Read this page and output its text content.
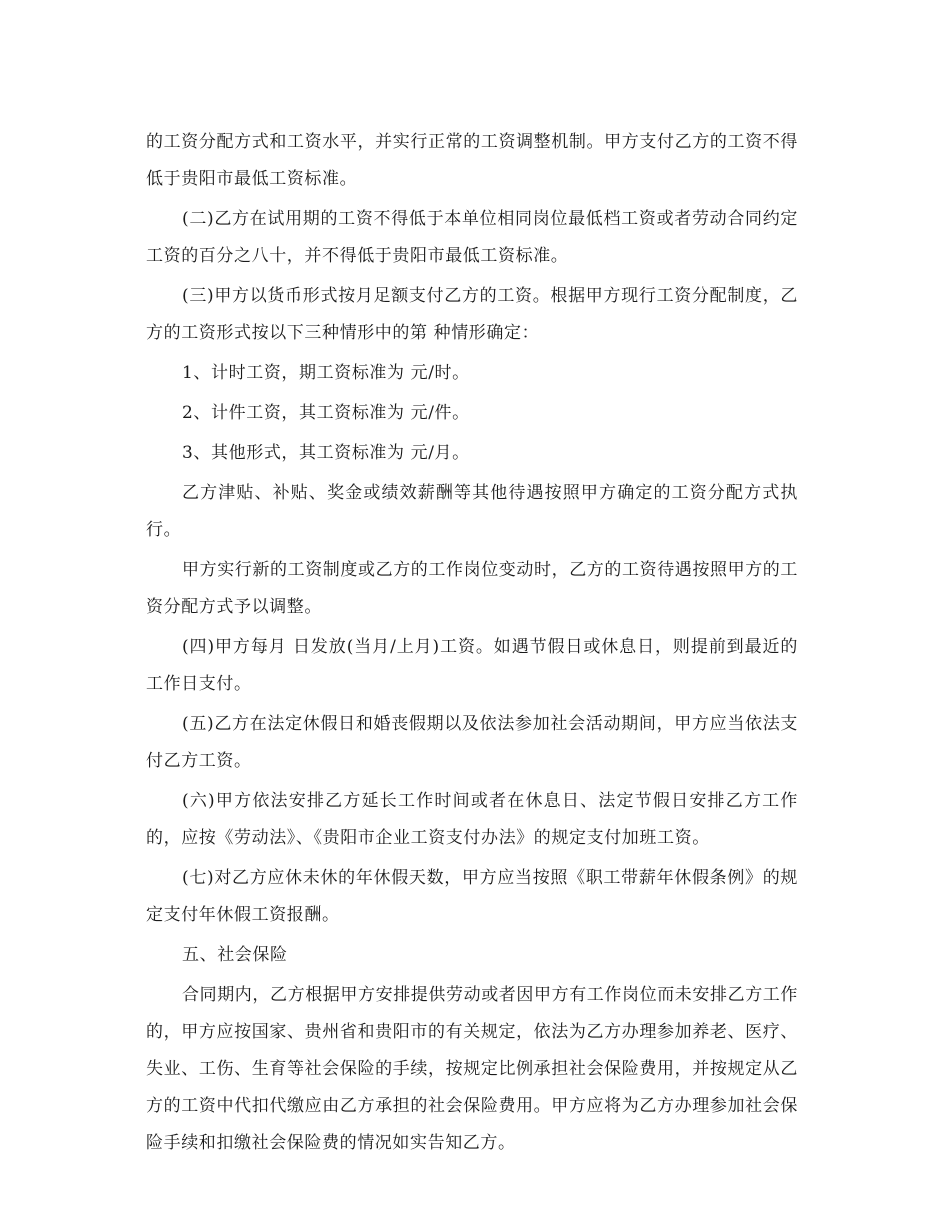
的工资分配方式和工资水平，并实行正常的工资调整机制。甲方支付乙方的工资不得低于贵阳市最低工资标准。

(二)乙方在试用期的工资不得低于本单位相同岗位最低档工资或者劳动合同约定工资的百分之八十，并不得低于贵阳市最低工资标准。

(三)甲方以货币形式按月足额支付乙方的工资。根据甲方现行工资分配制度，乙方的工资形式按以下三种情形中的第 种情形确定：

1、计时工资，期工资标准为 元/时。

2、计件工资，其工资标准为 元/件。

3、其他形式，其工资标准为 元/月。

乙方津贴、补贴、奖金或绩效薪酬等其他待遇按照甲方确定的工资分配方式执行。

甲方实行新的工资制度或乙方的工作岗位变动时，乙方的工资待遇按照甲方的工资分配方式予以调整。

(四)甲方每月 日发放(当月/上月)工资。如遇节假日或休息日，则提前到最近的工作日支付。

(五)乙方在法定休假日和婚丧假期以及依法参加社会活动期间，甲方应当依法支付乙方工资。

(六)甲方依法安排乙方延长工作时间或者在休息日、法定节假日安排乙方工作的，应按《劳动法》、《贵阳市企业工资支付办法》的规定支付加班工资。

(七)对乙方应休未休的年休假天数，甲方应当按照《职工带薪年休假条例》的规定支付年休假工资报酬。

五、社会保险

合同期内，乙方根据甲方安排提供劳动或者因甲方有工作岗位而未安排乙方工作的，甲方应按国家、贵州省和贵阳市的有关规定，依法为乙方办理参加养老、医疗、失业、工伤、生育等社会保险的手续，按规定比例承担社会保险费用，并按规定从乙方的工资中代扣代缴应由乙方承担的社会保险费用。甲方应将为乙方办理参加社会保险手续和扣缴社会保险费的情况如实告知乙方。
